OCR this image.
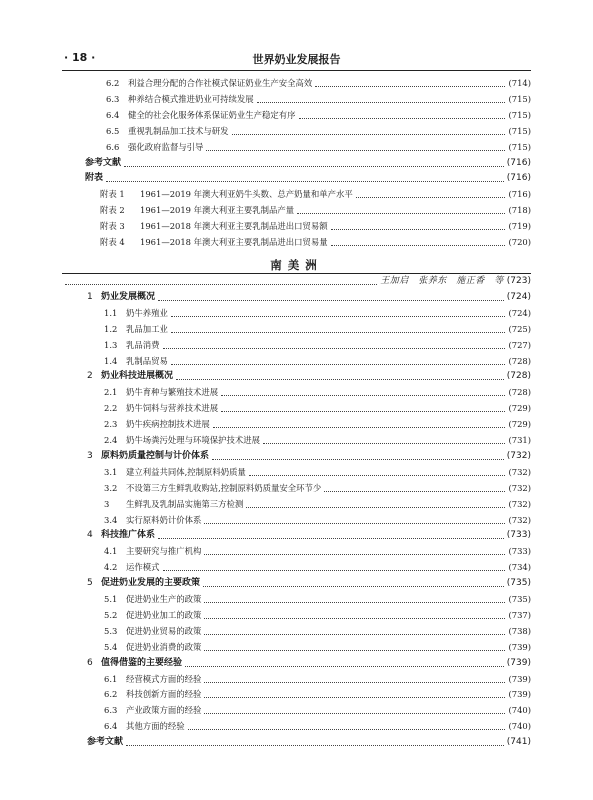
· 18 ·	世界奶业发展报告
南美洲
6.2	利益合理分配的合作社模式保证奶业生产安全高效	(714)
6.3	种养结合模式推进奶业可持续发展	(715)
6.4	健全的社会化服务体系保证奶业生产稳定有序	(715)
6.5	重视乳制品加工技术与研发	(715)
6.6	强化政府监督与引导	(715)
参考文献	(716)
附表	(716)
附表 1	1961—2019 年澳大利亚奶牛头数、总产奶量和单产水平	(716)
附表 2	1961—2019 年澳大利亚主要乳制品产量	(718)
附表 3	1961—2018 年澳大利亚主要乳制品进出口贸易额	(719)
附表 4	1961—2018 年澳大利亚主要乳制品进出口贸易量	(720)
王加启　张养东　施正香　等 (723)
1 奶业发展概况	(724)
1.1	奶牛养殖业	(724)
1.2	乳品加工业	(725)
1.3	乳品消费	(727)
1.4	乳制品贸易	(728)
2 奶业科技进展概况	(728)
2.1	奶牛育种与繁殖技术进展	(728)
2.2	奶牛饲料与营养技术进展	(729)
2.3	奶牛疾病控制技术进展	(729)
2.4	奶牛场粪污处理与环境保护技术进展	(731)
3 原料奶质量控制与计价体系	(732)
3.1	建立利益共同体,控制原料奶质量	(732)
3.2	不设第三方生鲜乳收购站,控制原料奶质量安全环节少	(732)
3	生鲜乳及乳制品实施第三方检测	(732)
3.4	实行原料奶计价体系	(732)
4 科技推广体系	(733)
4.1	主要研究与推广机构	(733)
4.2	运作模式	(734)
5 促进奶业发展的主要政策	(735)
5.1	促进奶业生产的政策	(735)
5.2	促进奶业加工的政策	(737)
5.3	促进奶业贸易的政策	(738)
5.4	促进奶业消费的政策	(739)
6 值得借鉴的主要经验	(739)
6.1	经营模式方面的经验	(739)
6.2	科技创新方面的经验	(739)
6.3	产业政策方面的经验	(740)
6.4	其他方面的经验	(740)
参考文献	(741)
